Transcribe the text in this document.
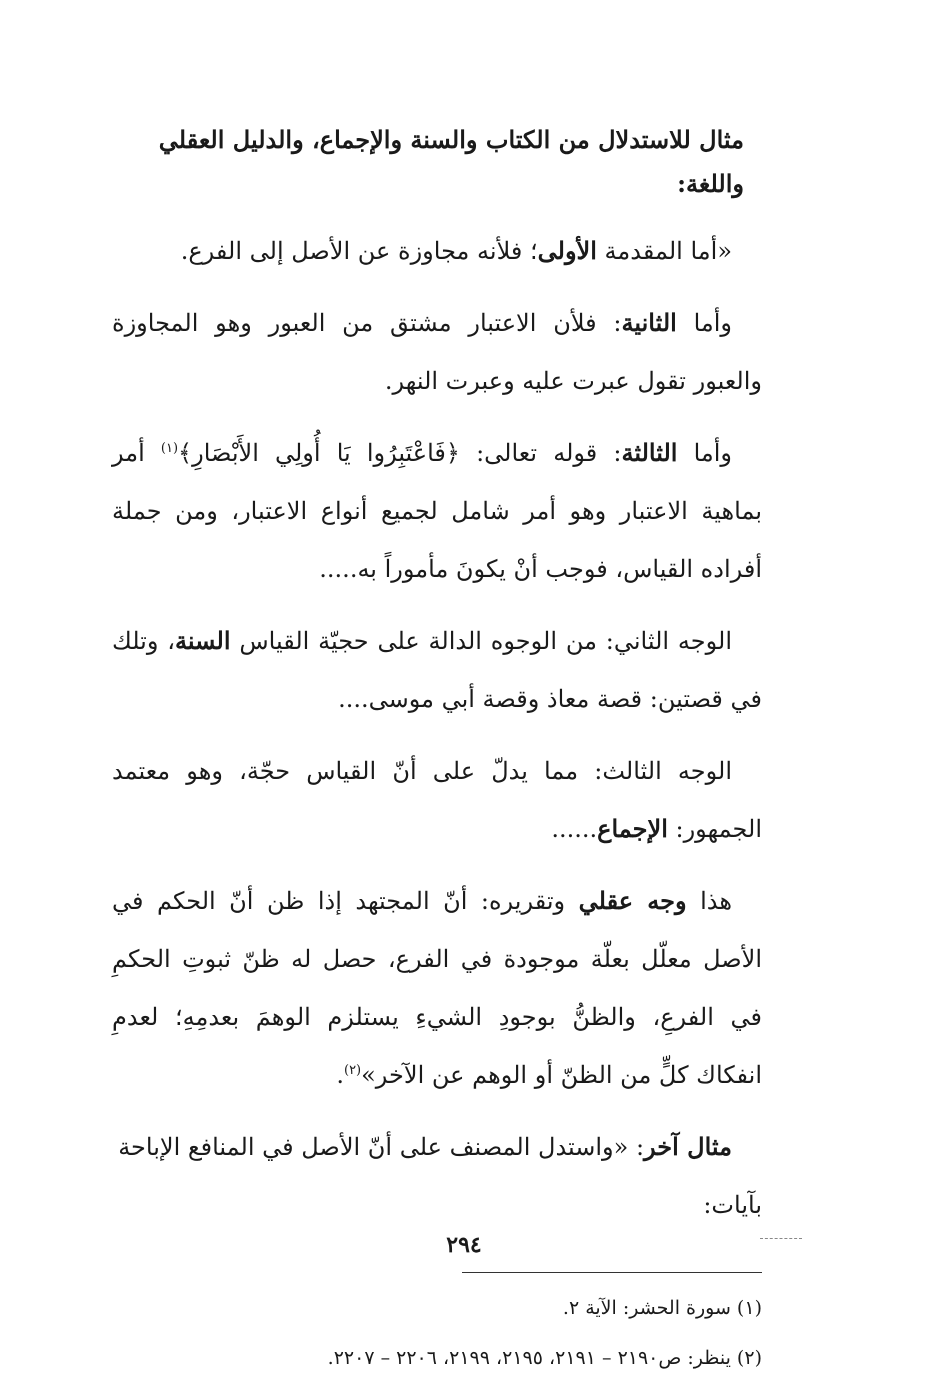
مثال للاستدلال من الكتاب والسنة والإجماع، والدليل العقلي واللغة:

«أما المقدمة الأولى؛ فلأنه مجاوزة عن الأصل إلى الفرع.

وأما الثانية: فلأن الاعتبار مشتق من العبور وهو المجاوزة والعبور تقول عبرت عليه وعبرت النهر.

وأما الثالثة: قوله تعالى: ﴿فَاعْتَبِرُوا يَا أُولِي الأَبْصَارِ﴾$^{(١)}$ أمر بماهية الاعتبار وهو أمر شامل لجميع أنواع الاعتبار، ومن جملة أفراده القياس، فوجب أنْ يكونَ مأموراً به.....

الوجه الثاني: من الوجوه الدالة على حجيّة القياس السنة، وتلك في قصتين: قصة معاذ وقصة أبي موسى....

الوجه الثالث: مما يدلّ على أنّ القياس حجّة، وهو معتمد الجمهور: الإجماع......

هذا وجه عقلي وتقريره: أنّ المجتهد إذا ظن أنّ الحكم في الأصل معلّل بعلّة موجودة في الفرع، حصل له ظنّ ثبوتِ الحكمِ في الفرعِ، والظنُّ بوجودِ الشيءِ يستلزم الوهمَ بعدمِهِ؛ لعدمِ انفكاك كلٍّ من الظنّ أو الوهم عن الآخر»$^{(٢)}$.

مثال آخر: «واستدل المصنف على أنّ الأصل في المنافع الإباحة بآيات:

(١) سورة الحشر: الآية ٢.

(٢) ينظر: ص٢١٩٠ – ٢١٩١، ٢١٩٥، ٢١٩٩، ٢٢٠٦ – ٢٢٠٧.

٢٩٤
